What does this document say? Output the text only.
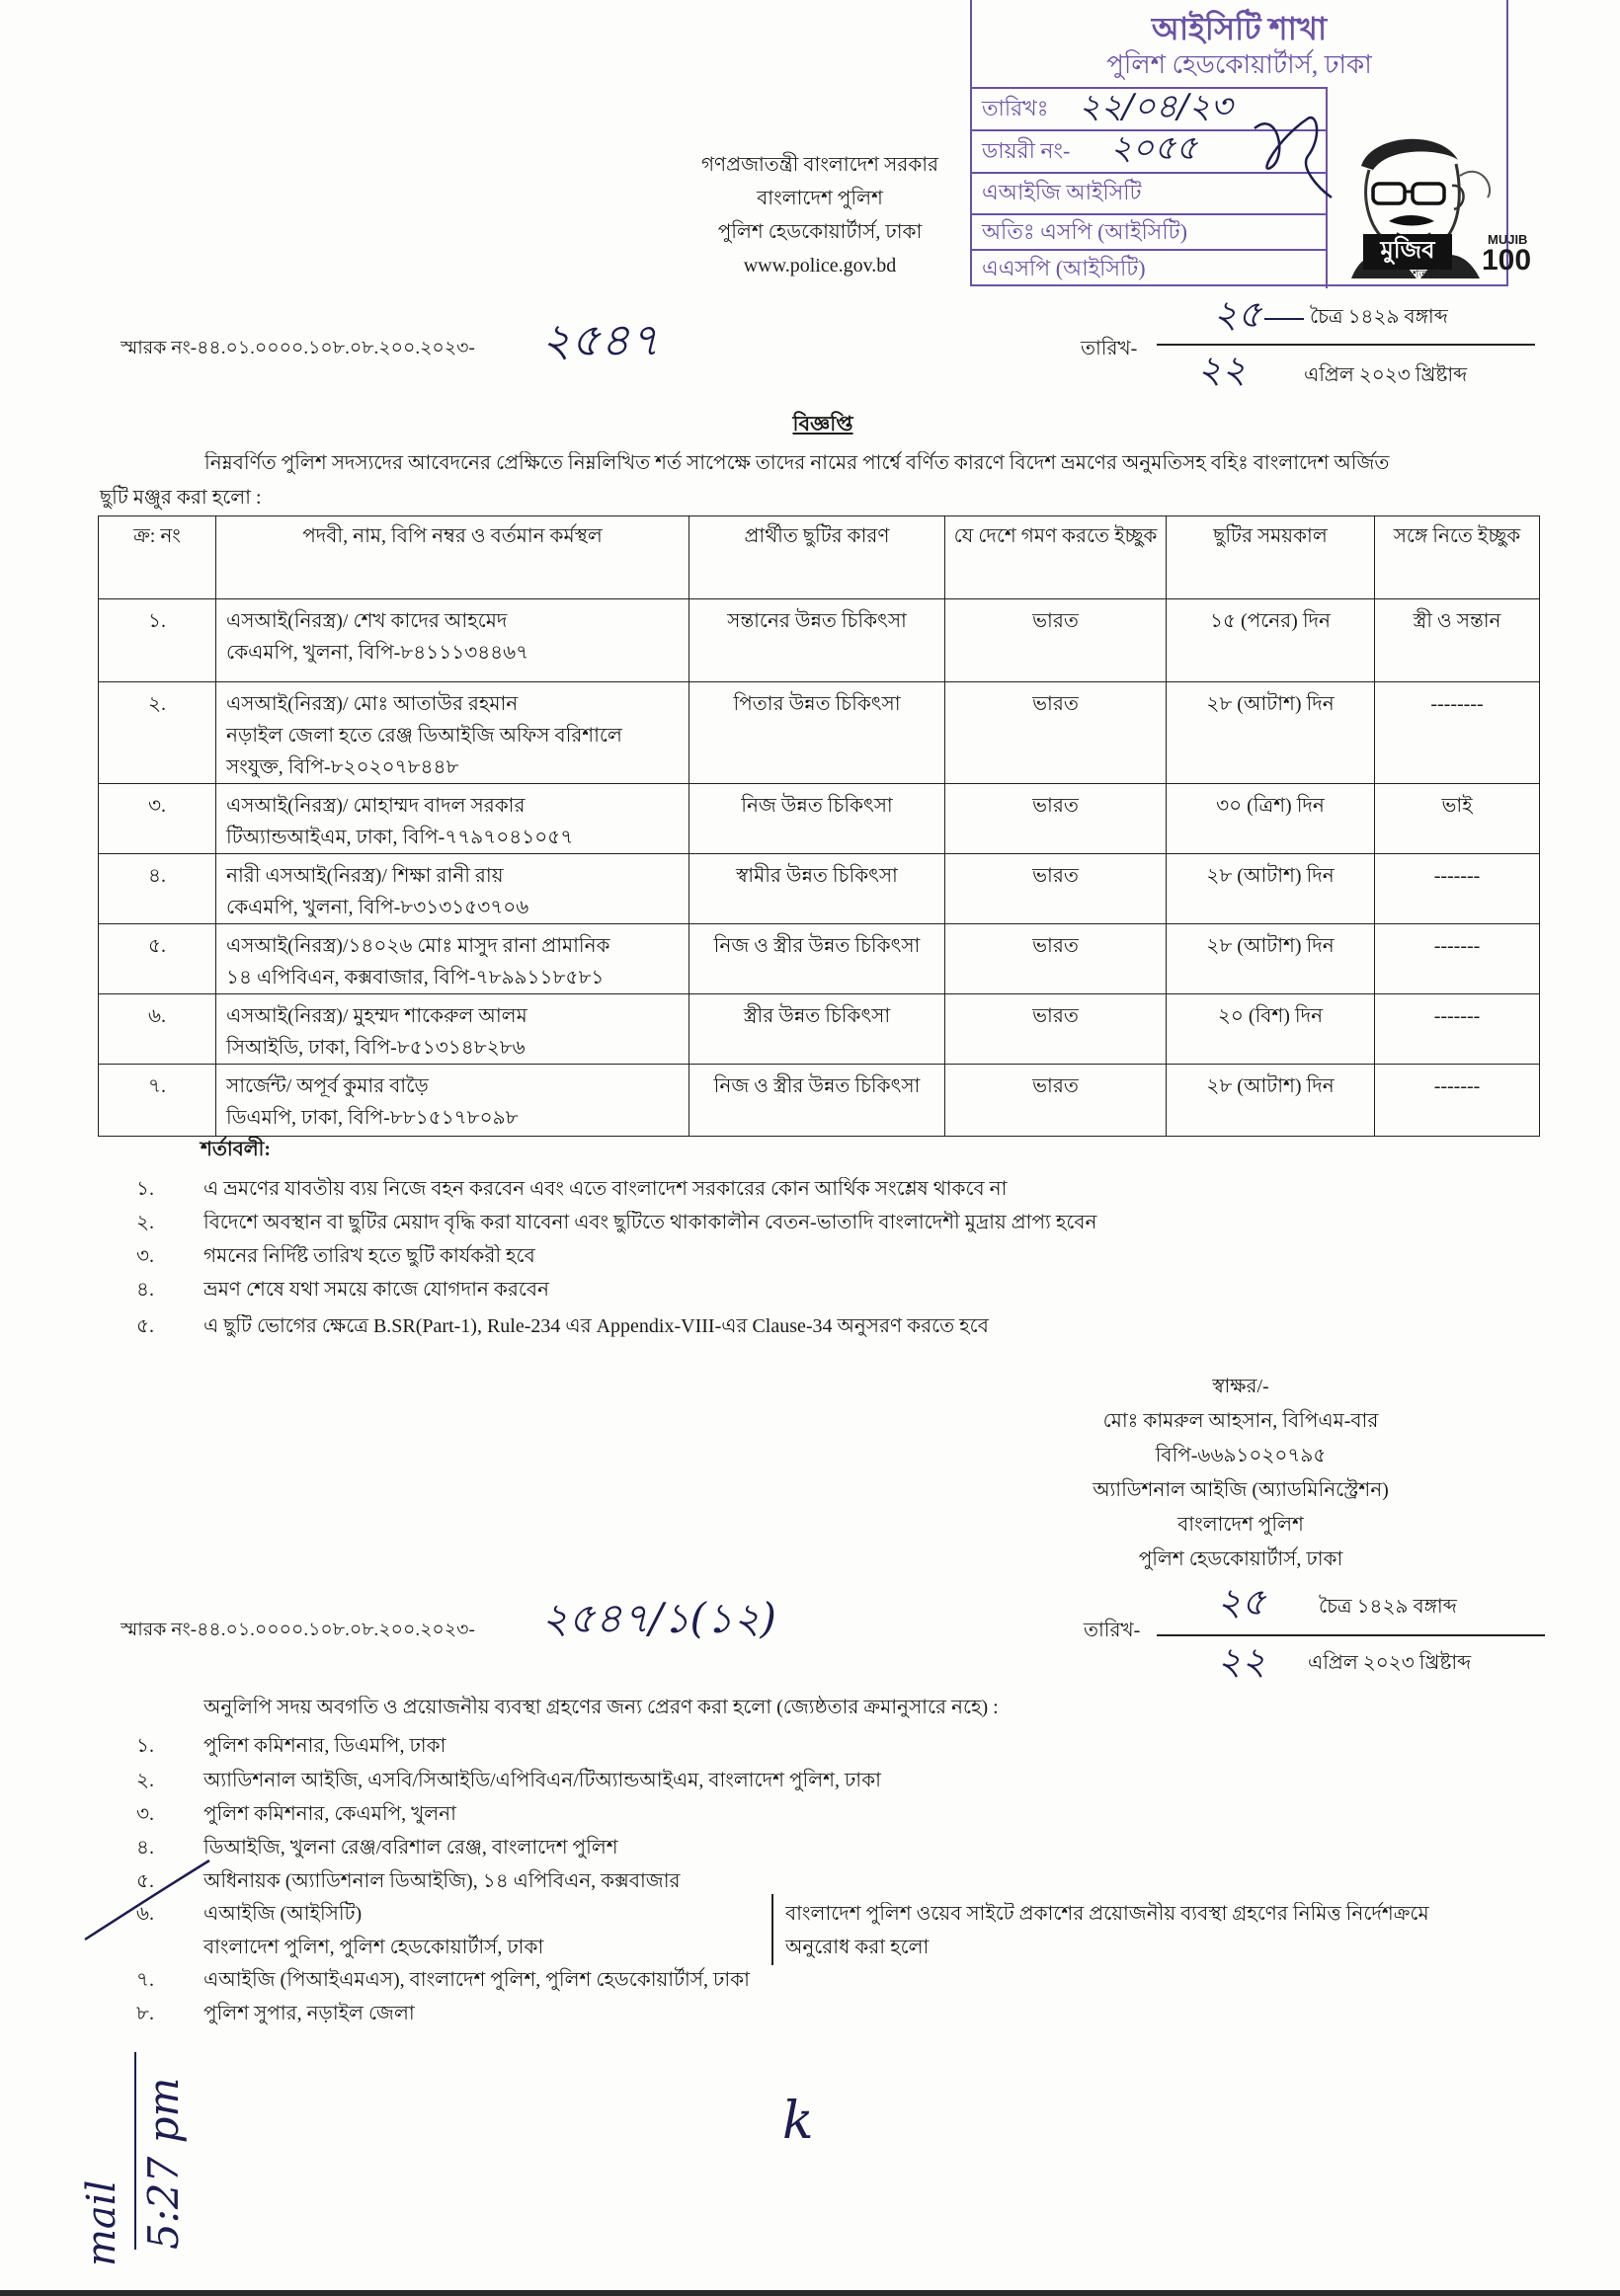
আইসিটি শাখা
পুলিশ হেডকোয়ার্টার্স, ঢাকা
তারিখঃ ২২/০৪/২৩
ডায়রী নং- ২০৫৫
এআইজি আইসিটি
অতিঃ এসপি (আইসিটি)
এএসপি (আইসিটি)
মুজিব
শতবর্ষ
MUJIB
100
গণপ্রজাতন্ত্রী বাংলাদেশ সরকার
বাংলাদেশ পুলিশ
পুলিশ হেডকোয়ার্টার্স, ঢাকা
www.police.gov.bd
স্মারক নং-৪৪.০১.০০০০.১০৮.০৮.২০০.২০২৩- ২৫৪৭	তারিখ-
২৫ চৈত্র ১৪২৯ বঙ্গাব্দ
২২	এপ্রিল ২০২৩ খ্রিষ্টাব্দ
বিজ্ঞপ্তি
নিম্নবর্ণিত পুলিশ সদস্যদের আবেদনের প্রেক্ষিতে নিম্নলিখিত শর্ত সাপেক্ষে তাদের নামের পার্শ্বে বর্ণিত কারণে বিদেশ ভ্রমণের অনুমতিসহ বহিঃ বাংলাদেশ অর্জিত
ছুটি মঞ্জুর করা হলো :
ক্র: নং	পদবী, নাম, বিপি নম্বর ও বর্তমান কর্মস্থল	প্রার্থীত ছুটির কারণ	যে দেশে গমণ করতে ইচ্ছুক	ছুটির সময়কাল	সঙ্গে নিতে ইচ্ছুক
১.	এসআই(নিরস্ত্র)/ শেখ কাদের আহমেদ
কেএমপি, খুলনা, বিপি-৮৪১১১৩৪৪৬৭	সন্তানের উন্নত চিকিৎসা	ভারত	১৫ (পনের) দিন	স্ত্রী ও সন্তান
২.	এসআই(নিরস্ত্র)/ মোঃ আতাউর রহমান
নড়াইল জেলা হতে রেঞ্জ ডিআইজি অফিস বরিশালে
সংযুক্ত, বিপি-৮২০২০৭৮৪৪৮	পিতার উন্নত চিকিৎসা	ভারত	২৮ (আটাশ) দিন	--------
৩.	এসআই(নিরস্ত্র)/ মোহাম্মদ বাদল সরকার
টিঅ্যান্ডআইএম, ঢাকা, বিপি-৭৭৯৭০৪১০৫৭	নিজ উন্নত চিকিৎসা	ভারত	৩০ (ত্রিশ) দিন	ভাই
৪.	নারী এসআই(নিরস্ত্র)/ শিক্ষা রানী রায়
কেএমপি, খুলনা, বিপি-৮৩১৩১৫৩৭০৬	স্বামীর উন্নত চিকিৎসা	ভারত	২৮ (আটাশ) দিন	-------
৫.	এসআই(নিরস্ত্র)/১৪০২৬ মোঃ মাসুদ রানা প্রামানিক
১৪ এপিবিএন, কক্সবাজার, বিপি-৭৮৯৯১১৮৫৮১	নিজ ও স্ত্রীর উন্নত চিকিৎসা	ভারত	২৮ (আটাশ) দিন	-------
৬.	এসআই(নিরস্ত্র)/ মুহম্মদ শাকেরুল আলম
সিআইডি, ঢাকা, বিপি-৮৫১৩১৪৮২৮৬	স্ত্রীর উন্নত চিকিৎসা	ভারত	২০ (বিশ) দিন	-------
৭.	সার্জেন্ট/ অপূর্ব কুমার বাড়ৈ
ডিএমপি, ঢাকা, বিপি-৮৮১৫১৭৮০৯৮	নিজ ও স্ত্রীর উন্নত চিকিৎসা	ভারত	২৮ (আটাশ) দিন	-------
শর্তাবলী:
১.	এ ভ্রমণের যাবতীয় ব্যয় নিজে বহন করবেন এবং এতে বাংলাদেশ সরকারের কোন আর্থিক সংশ্লেষ থাকবে না
২. বিদেশে অবস্থান বা ছুটির মেয়াদ বৃদ্ধি করা যাবেনা এবং ছুটিতে থাকাকালীন বেতন-ভাতাদি বাংলাদেশী মুদ্রায় প্রাপ্য হবেন
৩. গমনের নির্দিষ্ট তারিখ হতে ছুটি কার্যকরী হবে
৪.	ভ্রমণ শেষে যথা সময়ে কাজে যোগদান করবেন
৫.	এ ছুটি ভোগের ক্ষেত্রে B.SR(Part-1), Rule-234 এর Appendix-VIII-এর Clause-34 অনুসরণ করতে হবে
স্বাক্ষর/-
মোঃ কামরুল আহসান, বিপিএম-বার
বিপি-৬৬৯১০২০৭৯৫
অ্যাডিশনাল আইজি (অ্যাডমিনিস্ট্রেশন)
বাংলাদেশ পুলিশ
পুলিশ হেডকোয়ার্টার্স, ঢাকা
স্মারক নং-৪৪.০১.০০০০.১০৮.০৮.২০০.২০২৩- ২৫৪৭/১(১২)	তারিখ-
২৫	চৈত্র ১৪২৯ বঙ্গাব্দ
২২ এপ্রিল ২০২৩ খ্রিষ্টাব্দ
অনুলিপি সদয় অবগতি ও প্রয়োজনীয় ব্যবস্থা গ্রহণের জন্য প্রেরণ করা হলো (জ্যেষ্ঠতার ক্রমানুসারে নহে) :
১.	পুলিশ কমিশনার, ডিএমপি, ঢাকা
২. অ্যাডিশনাল আইজি, এসবি/সিআইডি/এপিবিএন/টিঅ্যান্ডআইএম, বাংলাদেশ পুলিশ, ঢাকা
৩. পুলিশ কমিশনার, কেএমপি, খুলনা
৪.	ডিআইজি, খুলনা রেঞ্জ/বরিশাল রেঞ্জ, বাংলাদেশ পুলিশ
৫.	অধিনায়ক (অ্যাডিশনাল ডিআইজি), ১৪ এপিবিএন, কক্সবাজার
৬. এআইজি (আইসিটি)
বাংলাদেশ পুলিশ, পুলিশ হেডকোয়ার্টার্স, ঢাকা
৭. এআইজি (পিআইএমএস), বাংলাদেশ পুলিশ, পুলিশ হেডকোয়ার্টার্স, ঢাকা
৮.	পুলিশ সুপার, নড়াইল জেলা
বাংলাদেশ পুলিশ ওয়েব সাইটে প্রকাশের প্রয়োজনীয় ব্যবস্থা গ্রহণের নিমিত্ত নির্দেশক্রমে
অনুরোধ করা হলো
mail 5:27 pm	k
